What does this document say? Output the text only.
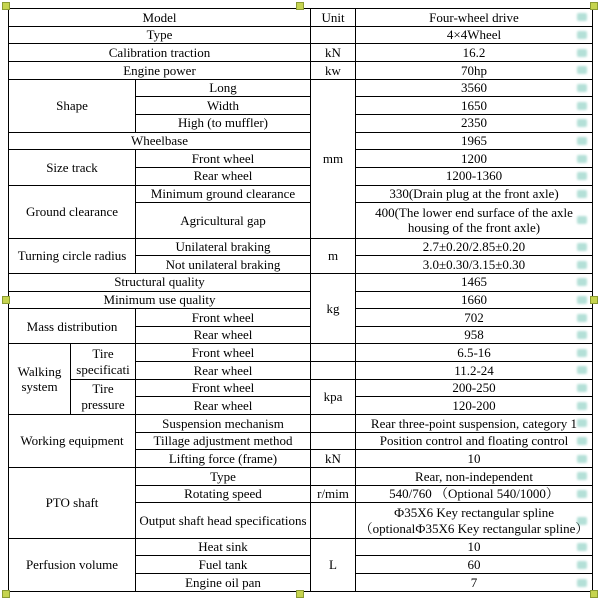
Model			Unit	Four-wheel drive
Type				4×4Wheel
Calibration traction			kN	16.2
Engine power			kw	70hp
Shape		Long	mm	3560
		Width		1650
		High (to muffler)		2350
Wheelbase				1965
Size track		Front wheel		1200
		Rear wheel		1200-1360
Ground clearance		Minimum ground clearance		330(Drain plug at the front axle)
		Agricultural gap		400(The lower end surface of the axle housing of the front axle)
Turning circle radius		Unilateral braking	m	2.7±0.20/2.85±0.20
		Not unilateral braking		3.0±0.30/3.15±0.30
Structural quality			kg	1465
Minimum use quality				1660
Mass distribution		Front wheel		702
		Rear wheel		958
Walking system	Tire specificati	Front wheel		6.5-16
		Rear wheel		11.2-24
	Tire pressure	Front wheel	kpa	200-250
		Rear wheel		120-200
Working equipment		Suspension mechanism		Rear three-point suspension, category 1
		Tillage adjustment method		Position control and floating control
		Lifting force (frame)	kN	10
PTO shaft		Type		Rear, non-independent
		Rotating speed	r/mim	540/760 （Optional 540/1000）
		Output shaft head specifications		Ф35X6 Key rectangular spline （optionalФ35X6 Key rectangular spline）
Perfusion volume		Heat sink	L	10
		Fuel tank		60
		Engine oil pan		7
